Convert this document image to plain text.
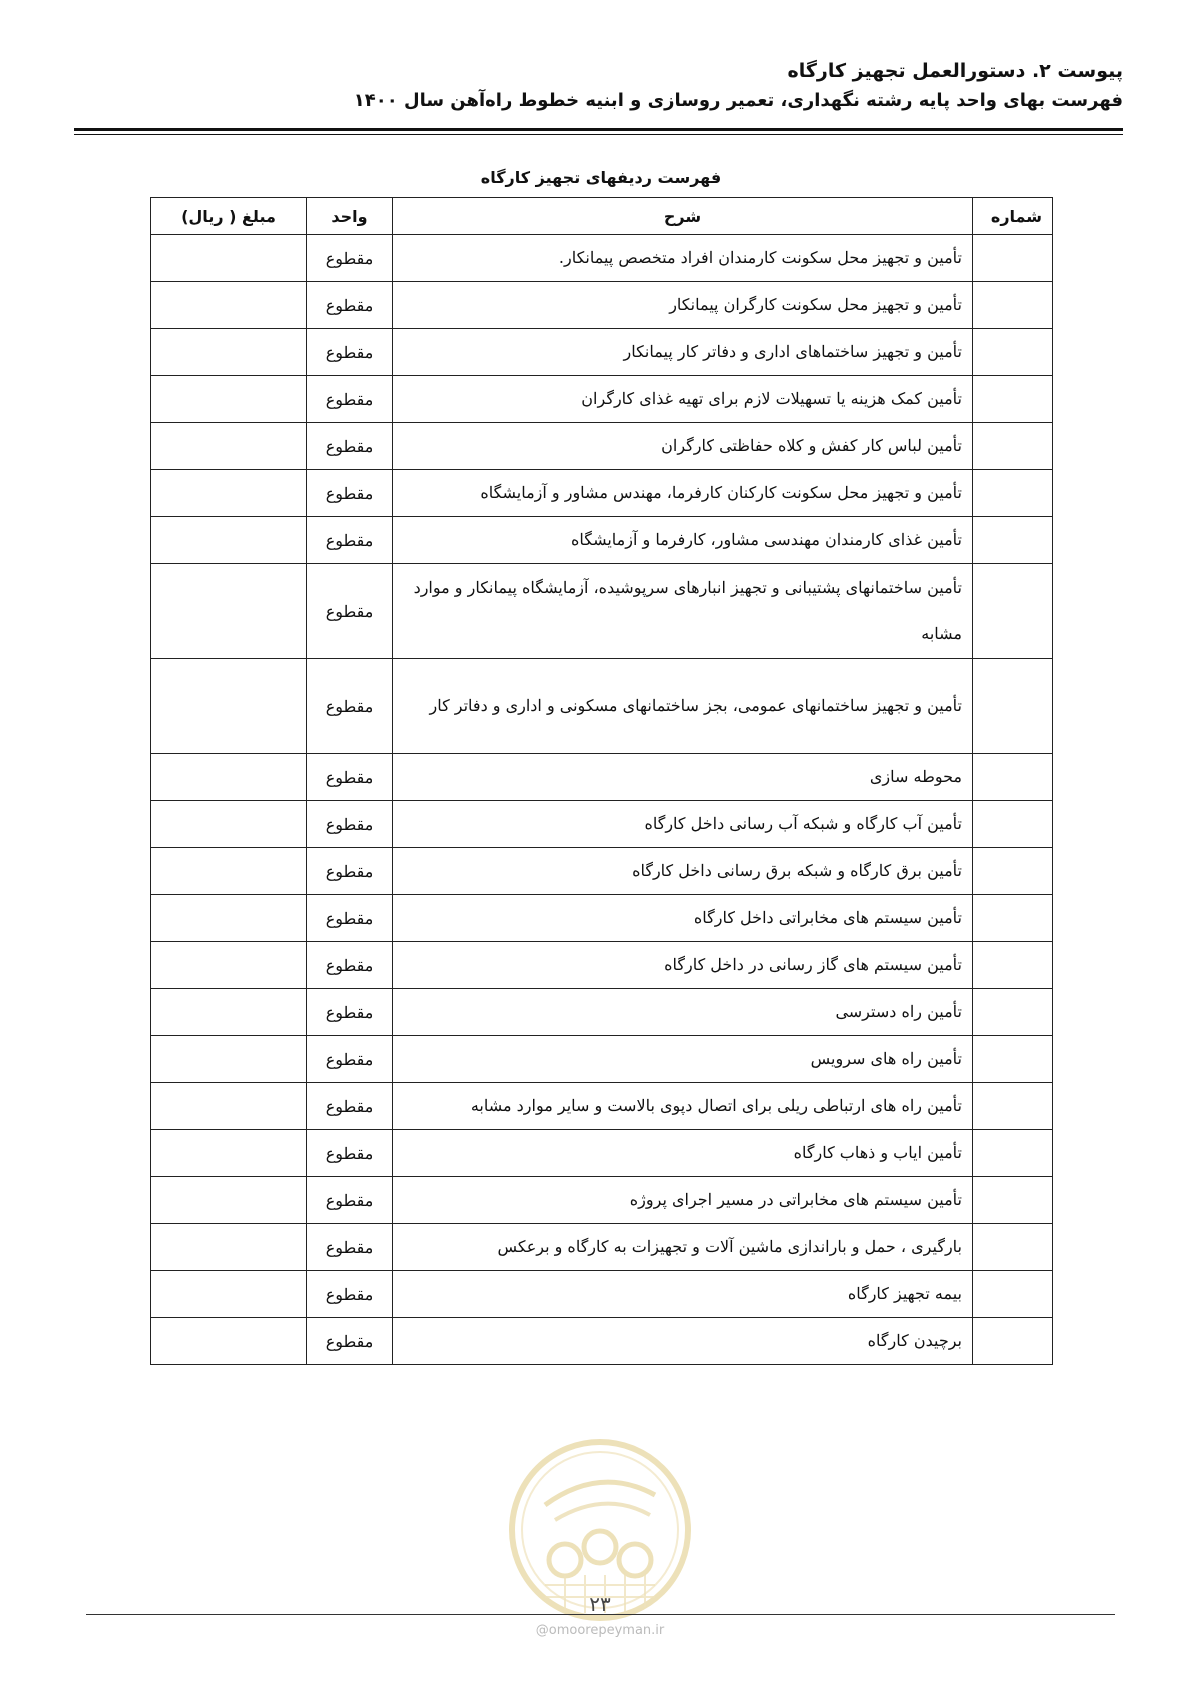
پیوست ۲. دستورالعمل تجهیز کارگاه

فهرست بهای واحد پایه رشته نگهداری، تعمیر روسازی و ابنیه خطوط راه‌آهن سال ۱۴۰۰

فهرست ردیفهای تجهیز کارگاه
شماره	شرح	واحد	مبلغ ( ریال)
	تأمین و تجهیز محل سکونت کارمندان افراد متخصص پیمانکار.	مقطوع	
	تأمین و تجهیز محل سکونت کارگران پیمانکار	مقطوع	
	تأمین و تجهیز ساختماهای اداری و دفاتر کار پیمانکار	مقطوع	
	تأمین کمک هزینه یا تسهیلات لازم برای تهیه غذای کارگران	مقطوع	
	تأمین لباس کار کفش و کلاه حفاظتی کارگران	مقطوع	
	تأمین و تجهیز محل سکونت کارکنان کارفرما، مهندس مشاور و آزمایشگاه	مقطوع	
	تأمین غذای کارمندان مهندسی مشاور، کارفرما و آزمایشگاه	مقطوع	
	تأمین ساختمانهای پشتیبانی و تجهیز انبارهای سرپوشیده، آزمایشگاه پیمانکار و موارد مشابه	مقطوع	
	تأمین و تجهیز ساختمانهای عمومی، بجز ساختمانهای مسکونی و اداری و دفاتر کار	مقطوع	
	محوطه سازی	مقطوع	
	تأمین آب کارگاه و شبکه آب رسانی داخل کارگاه	مقطوع	
	تأمین برق کارگاه و شبکه برق رسانی داخل کارگاه	مقطوع	
	تأمین سیستم های مخابراتی داخل کارگاه	مقطوع	
	تأمین سیستم های گاز رسانی در داخل کارگاه	مقطوع	
	تأمین راه دسترسی	مقطوع	
	تأمین راه های سرویس	مقطوع	
	تأمین راه های ارتباطی ریلی برای اتصال دپوی بالاست و سایر موارد مشابه	مقطوع	
	تأمین ایاب و ذهاب کارگاه	مقطوع	
	تأمین سیستم های مخابراتی در مسیر اجرای پروژه	مقطوع	
	بارگیری ، حمل و باراندازی ماشین آلات و تجهیزات به کارگاه و برعکس	مقطوع	
	بیمه تجهیز کارگاه	مقطوع	
	برچیدن کارگاه	مقطوع	
۲۳
@omoorepeyman.ir
